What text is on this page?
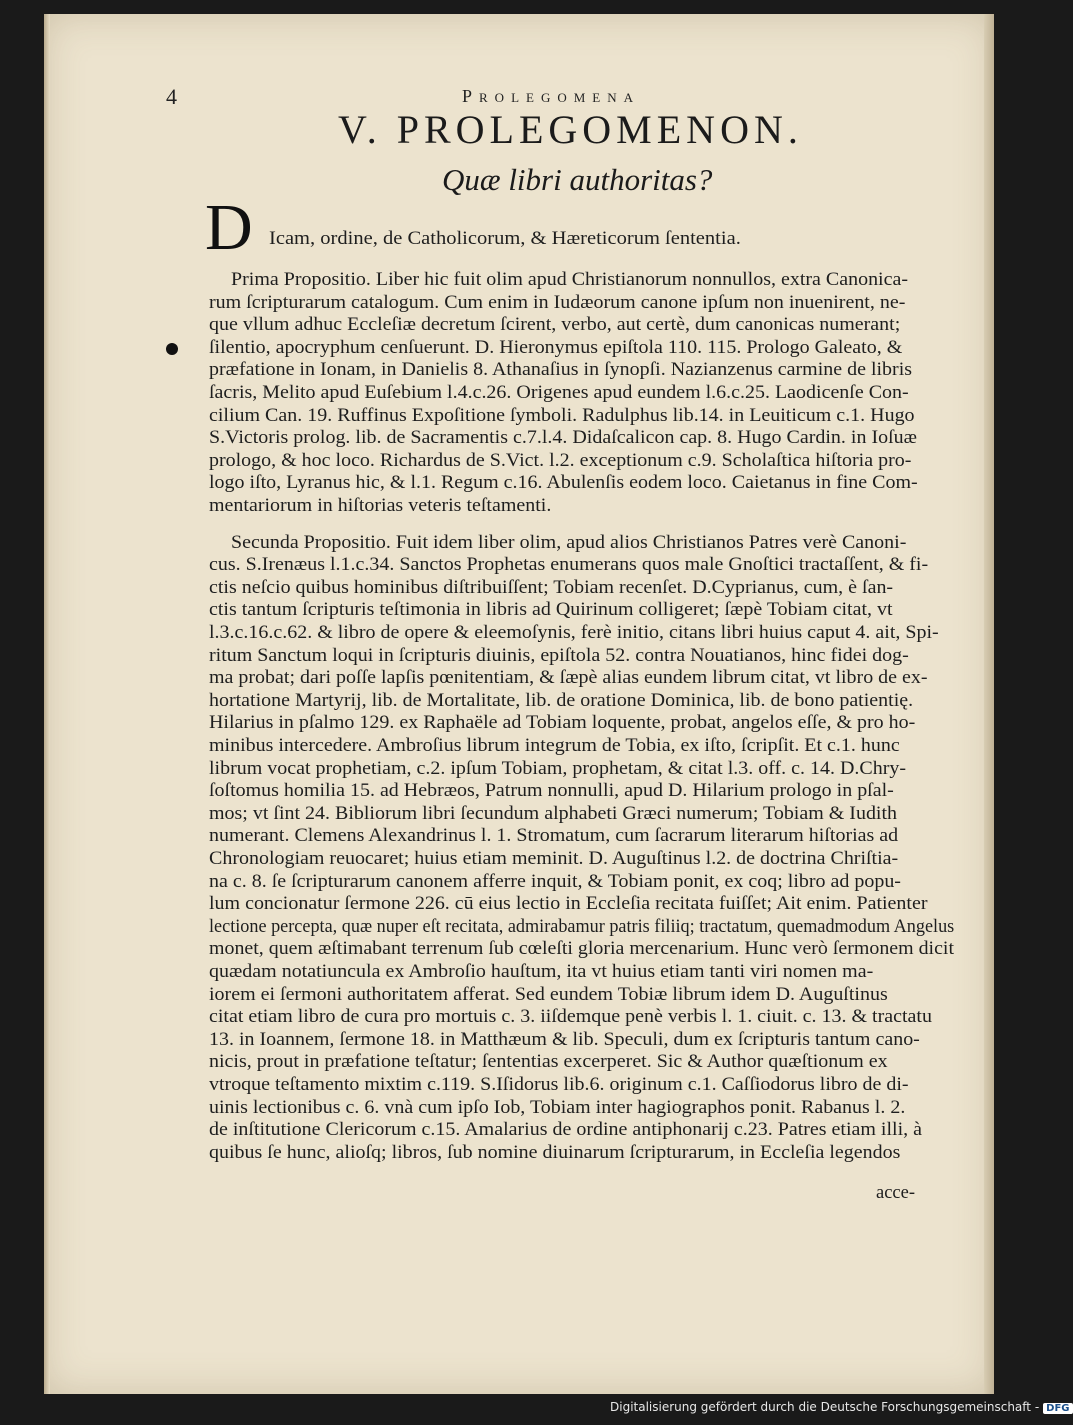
4	Prolegomena
V. PROLEGOMENON.
Quæ libri authoritas?
D Icam, ordine, de Catholicorum, & Hæreticorum ſententia.
Prima Propositio. Liber hic fuit olim apud Christianorum nonnullos, extra Canonica-
rum ſcripturarum catalogum. Cum enim in Iudæorum canone ipſum non inuenirent, ne-
que vllum adhuc Eccleſiæ decretum ſcirent, verbo, aut certè, dum canonicas numerant;
ſilentio, apocryphum cenſuerunt. D. Hieronymus epiſtola 110. 115. Prologo Galeato, &
præfatione in Ionam, in Danielis 8. Athanaſius in ſynopſi. Nazianzenus carmine de libris
ſacris, Melito apud Euſebium l.4.c.26. Origenes apud eundem l.6.c.25. Laodicenſe Con-
cilium Can. 19. Ruffinus Expoſitione ſymboli. Radulphus lib.14. in Leuiticum c.1. Hugo
S.Victoris prolog. lib. de Sacramentis c.7.l.4. Didaſcalicon cap. 8. Hugo Cardin. in Ioſuæ
prologo, & hoc loco. Richardus de S.Vict. l.2. exceptionum c.9. Scholaſtica hiſtoria pro-
logo iſto, Lyranus hic, & l.1. Regum c.16. Abulenſis eodem loco. Caietanus in fine Com-
mentariorum in hiſtorias veteris teſtamenti.
Secunda Propositio. Fuit idem liber olim, apud alios Christianos Patres verè Canoni-
cus. S.Irenæus l.1.c.34. Sanctos Prophetas enumerans quos male Gnoſtici tractaſſent, & fi-
ctis neſcio quibus hominibus diſtribuiſſent; Tobiam recenſet. D.Cyprianus, cum, è ſan-
ctis tantum ſcripturis teſtimonia in libris ad Quirinum colligeret; ſæpè Tobiam citat, vt
l.3.c.16.c.62. & libro de opere & eleemoſynis, ferè initio, citans libri huius caput 4. ait, Spi-
ritum Sanctum loqui in ſcripturis diuinis, epiſtola 52. contra Nouatianos, hinc fidei dog-
ma probat; dari poſſe lapſis pœnitentiam, & ſæpè alias eundem librum citat, vt libro de ex-
hortatione Martyrij, lib. de Mortalitate, lib. de oratione Dominica, lib. de bono patientię.
Hilarius in pſalmo 129. ex Raphaële ad Tobiam loquente, probat, angelos eſſe, & pro ho-
minibus intercedere. Ambroſius librum integrum de Tobia, ex iſto, ſcripſit. Et c.1. hunc
librum vocat prophetiam, c.2. ipſum Tobiam, prophetam, & citat l.3. off. c. 14. D.Chry-
ſoſtomus homilia 15. ad Hebræos, Patrum nonnulli, apud D. Hilarium prologo in pſal-
mos; vt ſint 24. Bibliorum libri ſecundum alphabeti Græci numerum; Tobiam & Iudith
numerant. Clemens Alexandrinus l. 1. Stromatum, cum ſacrarum literarum hiſtorias ad
Chronologiam reuocaret; huius etiam meminit. D. Auguſtinus l.2. de doctrina Chriſtia-
na c. 8. ſe ſcripturarum canonem afferre inquit, & Tobiam ponit, ex coq; libro ad popu-
lum concionatur ſermone 226. cū eius lectio in Eccleſia recitata fuiſſet; Ait enim. Patienter
lectione percepta, quæ nuper eſt recitata, admirabamur patris filiiq; tractatum, quemadmodum Angelus
monet, quem æſtimabant terrenum ſub cœleſti gloria mercenarium. Hunc verò ſermonem dicit
quædam notatiuncula ex Ambroſio hauſtum, ita vt huius etiam tanti viri nomen ma-
iorem ei ſermoni authoritatem afferat. Sed eundem Tobiæ librum idem D. Auguſtinus
citat etiam libro de cura pro mortuis c. 3. iiſdemque penè verbis l. 1. ciuit. c. 13. & tractatu
13. in Ioannem, ſermone 18. in Matthæum & lib. Speculi, dum ex ſcripturis tantum cano-
nicis, prout in præfatione teſtatur; ſententias excerperet. Sic & Author quæſtionum ex
vtroque teſtamento mixtim c.119. S.Iſidorus lib.6. originum c.1. Caſſiodorus libro de di-
uinis lectionibus c. 6. vnà cum ipſo Iob, Tobiam inter hagiographos ponit. Rabanus l. 2.
de inſtitutione Clericorum c.15. Amalarius de ordine antiphonarij c.23. Patres etiam illi, à
quibus ſe hunc, alioſq; libros, ſub nomine diuinarum ſcripturarum, in Eccleſia legendos
acce-
Digitalisierung gefördert durch die Deutsche Forschungsgemeinschaft - DFG
